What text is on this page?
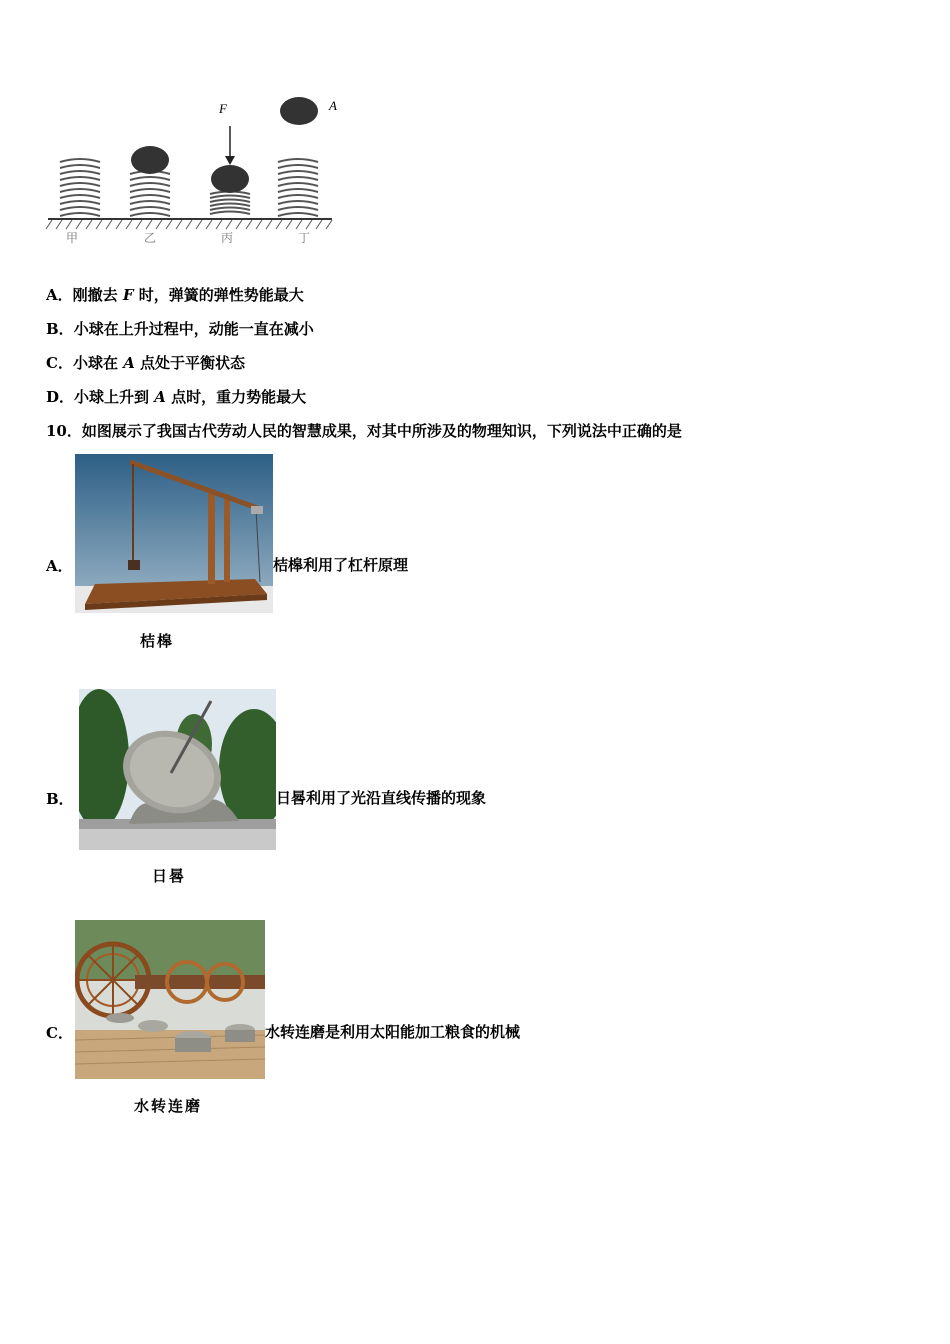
F	A
甲	乙	丙	丁
A．刚撤去 F 时，弹簧的弹性势能最大
B．小球在上升过程中，动能一直在减小
C．小球在 A 点处于平衡状态
D．小球上升到 A 点时，重力势能最大
10．如图展示了我国古代劳动人民的智慧成果，对其中所涉及的物理知识，下列说法中正确的是
A．	桔槔利用了杠杆原理
桔槔
B．	日晷利用了光沿直线传播的现象
日晷
C．	水转连磨是利用太阳能加工粮食的机械
水转连磨
